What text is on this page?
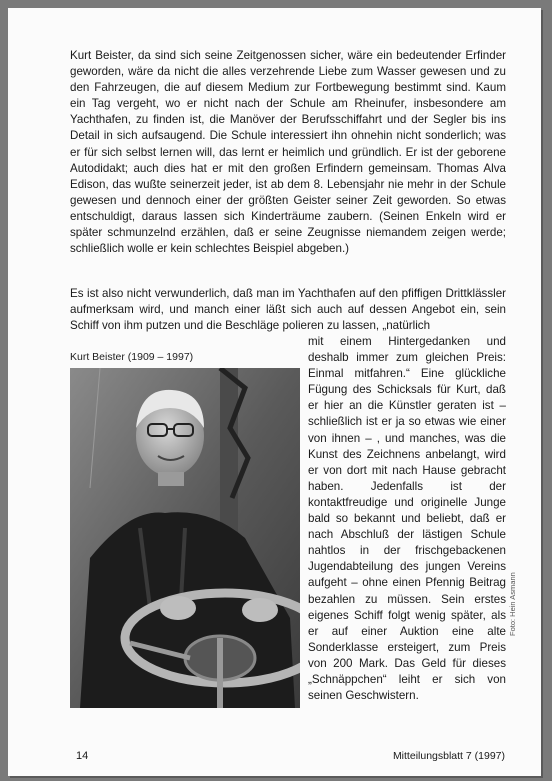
Kurt Beister, da sind sich seine Zeitgenossen sicher, wäre ein bedeutender Erfinder geworden, wäre da nicht die alles verzehrende Liebe zum Wasser gewesen und zu den Fahrzeugen, die auf diesem Medium zur Fortbewegung bestimmt sind. Kaum ein Tag vergeht, wo er nicht nach der Schule am Rheinufer, insbesondere am Yachthafen, zu finden ist, die Manöver der Berufsschiffahrt und der Segler bis ins Detail in sich aufsaugend. Die Schule interessiert ihn ohnehin nicht sonderlich; was er für sich selbst lernen will, das lernt er heimlich und gründlich. Er ist der geborene Autodidakt; auch dies hat er mit den großen Erfindern gemeinsam. Thomas Alva Edison, das wußte seinerzeit jeder, ist ab dem 8. Lebensjahr nie mehr in der Schule gewesen und dennoch einer der größten Geister seiner Zeit geworden. So etwas entschuldigt, daraus lassen sich Kinderträume zaubern. (Seinen Enkeln wird er später schmunzelnd erzählen, daß er seine Zeugnisse niemandem zeigen werde; schließlich wolle er kein schlechtes Beispiel abgeben.)

Es ist also nicht verwunderlich, daß man im Yachthafen auf den pfiffigen Drittklässler aufmerksam wird, und manch einer läßt sich auch auf dessen Angebot ein, sein Schiff von ihm putzen und die Beschläge polieren zu lassen, „natürlich

Kurt Beister (1909 – 1997)

mit einem Hintergedanken und deshalb immer zum gleichen Preis: Einmal mitfahren.“ Eine glückliche Fügung des Schicksals für Kurt, daß er hier an die Künstler geraten ist – schließlich ist er ja so etwas wie einer von ihnen – , und manches, was die Kunst des Zeichnens anbelangt, wird er von dort mit nach Hause gebracht haben. Jedenfalls ist der kontaktfreudige und originelle Junge bald so bekannt und beliebt, daß er nach Abschluß der lästigen Schule nahtlos in der frischgebackenen Jugendabteilung des jungen Vereins aufgeht – ohne einen Pfennig Beitrag bezahlen zu müssen. Sein erstes eigenes Schiff folgt wenig später, als er auf einer Auktion eine alte Sonderklasse ersteigert, zum Preis von 200 Mark. Das Geld für dieses „Schnäppchen“ leiht er sich von seinen Geschwistern.

Foto: Hein Asmann

14	Mitteilungsblatt 7 (1997)
